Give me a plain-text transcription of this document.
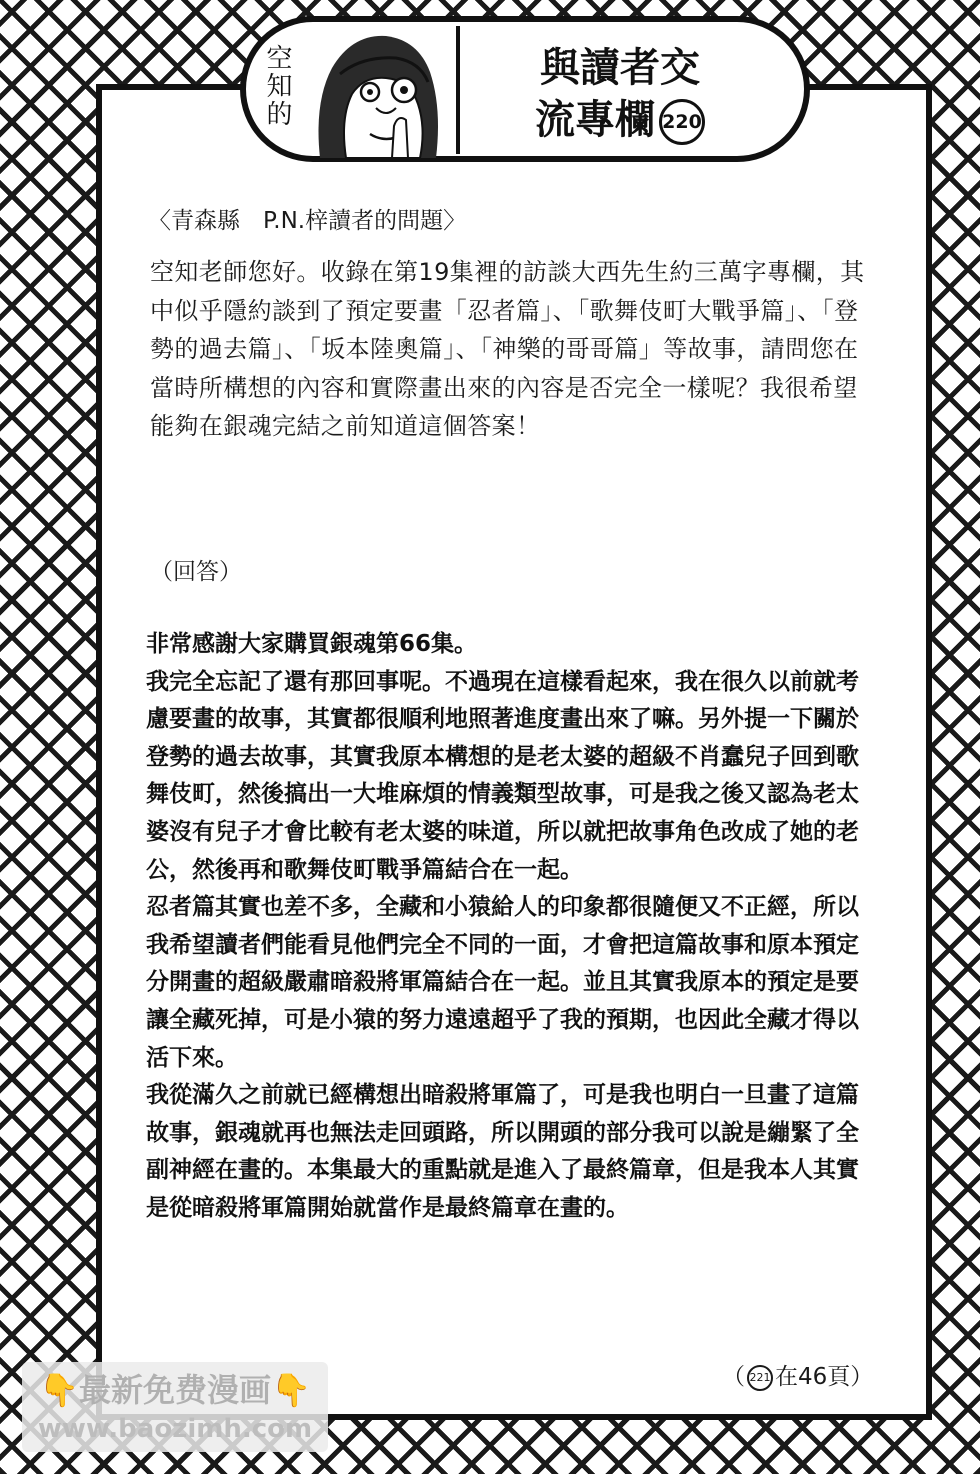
空知的	與讀者交
流專欄 220
〈青森縣　P.N.梓讀者的問題〉
空知老師您好。收錄在第19集裡的訪談大西先生約三萬字專欄，其中似乎隱約談到了預定要畫「忍者篇」、「歌舞伎町大戰爭篇」、「登勢的過去篇」、「坂本陸奧篇」、「神樂的哥哥篇」等故事，請問您在當時所構想的內容和實際畫出來的內容是否完全一樣呢？我很希望能夠在銀魂完結之前知道這個答案！
（回答）

非常感謝大家購買銀魂第66集。

我完全忘記了還有那回事呢。不過現在這樣看起來，我在很久以前就考慮要畫的故事，其實都很順利地照著進度畫出來了嘛。另外提一下關於登勢的過去故事，其實我原本構想的是老太婆的超級不肖蠢兒子回到歌舞伎町，然後搞出一大堆麻煩的情義類型故事，可是我之後又認為老太婆沒有兒子才會比較有老太婆的味道，所以就把故事角色改成了她的老公，然後再和歌舞伎町戰爭篇結合在一起。

忍者篇其實也差不多，全藏和小猿給人的印象都很隨便又不正經，所以我希望讀者們能看見他們完全不同的一面，才會把這篇故事和原本預定分開畫的超級嚴肅暗殺將軍篇結合在一起。並且其實我原本的預定是要讓全藏死掉，可是小猿的努力遠遠超乎了我的預期，也因此全藏才得以活下來。

我從滿久之前就已經構想出暗殺將軍篇了，可是我也明白一旦畫了這篇故事，銀魂就再也無法走回頭路，所以開頭的部分我可以說是繃緊了全副神經在畫的。本集最大的重點就是進入了最終篇章，但是我本人其實是從暗殺將軍篇開始就當作是最終篇章在畫的。

（ 221 在46頁）
👇最新免费漫画👇
www.baozimh.com
